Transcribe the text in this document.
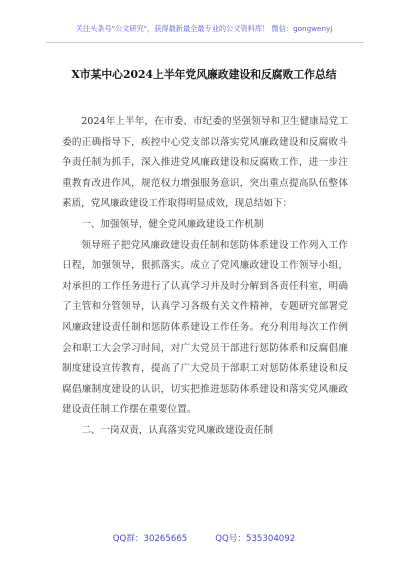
关注头条号"公文研究"，获得最新最全最专业的公文资料库！ 微信：gongwenyj
X市某中心2024上半年党风廉政建设和反腐败工作总结

2024年上半年，在市委、市纪委的坚强领导和卫生健康局党工委的正确指导下，疾控中心党支部以落实党风廉政建设和反腐败斗争责任制为抓手，深入推进党风廉政建设和反腐败工作，进一步注重教育改进作风，规范权力增强服务意识，突出重点提高队伍整体素质，党风廉政建设工作取得明显成效，现总结如下：

一、加强领导，健全党风廉政建设工作机制

领导班子把党风廉政建设责任制和惩防体系建设工作列入工作日程，加强领导，狠抓落实。成立了党风廉政建设工作领导小组，对承担的工作任务进行了认真学习并及时分解到各责任科室，明确了主管和分管领导，认真学习各级有关文件精神，专题研究部署党风廉政建设责任制和惩防体系建设工作任务。充分利用每次工作例会和职工大会学习时间，对广大党员干部进行惩防体系和反腐倡廉制度建设宣传教育，提高了广大党员干部职工对惩防体系建设和反腐倡廉制度建设的认识，切实把推进惩防体系建设和落实党风廉政建设责任制工作摆在重要位置。

二、一岗双责，认真落实党风廉政建设责任制

QQ群：30265665	QQ号：535304092
